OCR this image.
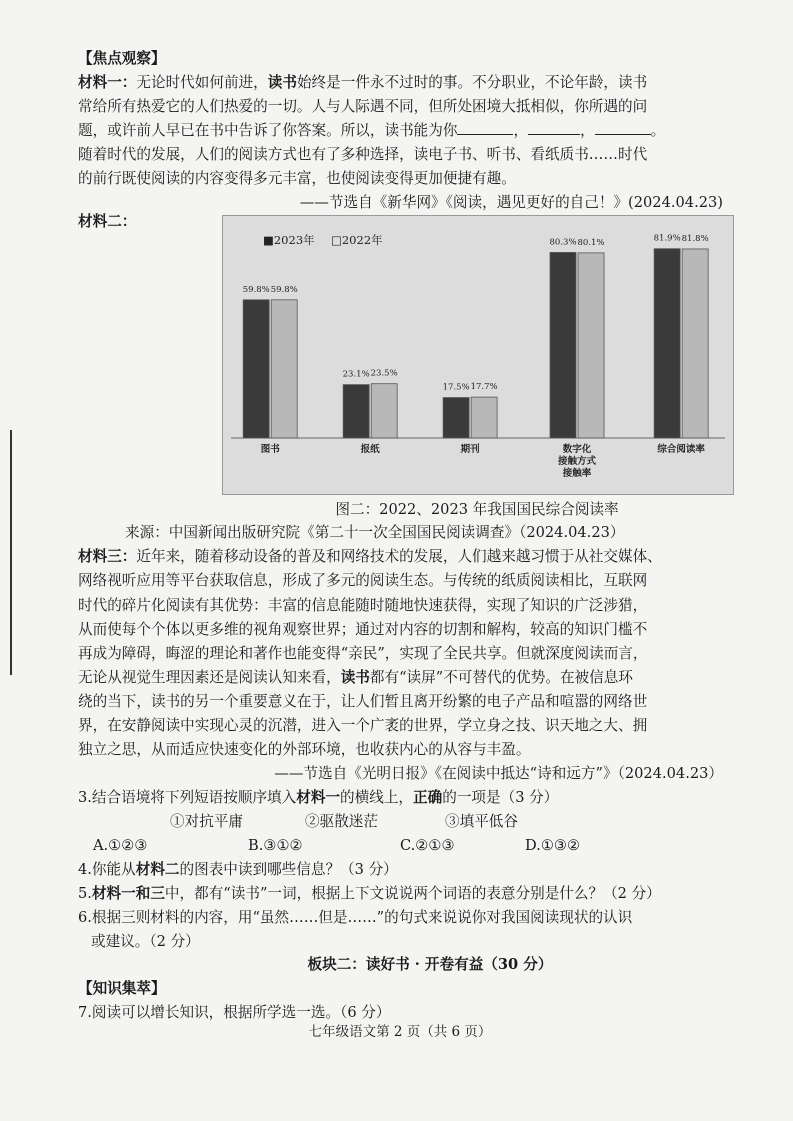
【焦点观察】
材料一：无论时代如何前进，读书始终是一件永不过时的事。不分职业，不论年龄，读书
常给所有热爱它的人们热爱的一切。人与人际遇不同，但所处困境大抵相似，你所遇的问
题，或许前人早已在书中告诉了你答案。所以，读书能为你	，	，	。
随着时代的发展，人们的阅读方式也有了多种选择，读电子书、听书、看纸质书……时代
的前行既使阅读的内容变得多元丰富，也使阅读变得更加便捷有趣。
——节选自《新华网》《阅读，遇见更好的自己！》(2024.04.23)
材料二：
■2023年 □2022年
59.8% 59.8%
图书
23.1% 23.5%
报纸
17.5% 17.7%
期刊
80.3% 80.1%
数字化
接触方式
接触率
81.9% 81.8%
综合阅读率
图二：2022、2023 年我国国民综合阅读率
来源：中国新闻出版研究院《第二十一次全国国民阅读调查》（2024.04.23）
材料三：近年来，随着移动设备的普及和网络技术的发展，人们越来越习惯于从社交媒体、
网络视听应用等平台获取信息，形成了多元的阅读生态。与传统的纸质阅读相比，互联网
时代的碎片化阅读有其优势：丰富的信息能随时随地快速获得，实现了知识的广泛涉猎，
从而使每个个体以更多维的视角观察世界；通过对内容的切割和解构，较高的知识门槛不
再成为障碍，晦涩的理论和著作也能变得“亲民”，实现了全民共享。但就深度阅读而言，
无论从视觉生理因素还是阅读认知来看，读书都有“读屏”不可替代的优势。在被信息环
绕的当下，读书的另一个重要意义在于，让人们暂且离开纷繁的电子产品和喧嚣的网络世
界，在安静阅读中实现心灵的沉潜，进入一个广袤的世界，学立身之技、识天地之大、拥
独立之思，从而适应快速变化的外部环境，也收获内心的从容与丰盈。
——节选自《光明日报》《在阅读中抵达“诗和远方”》（2024.04.23）
3.结合语境将下列短语按顺序填入材料一的横线上，正确的一项是（3 分）
①对抗平庸	②驱散迷茫	③填平低谷
A.①②③	B.③①②	C.②①③	D.①③②
4.你能从材料二的图表中读到哪些信息？（3 分）
5.材料一和三中，都有“读书”一词，根据上下文说说两个词语的表意分别是什么？（2 分）
6.根据三则材料的内容，用“虽然……但是……”的句式来说说你对我国阅读现状的认识
或建议。（2 分）
板块二：读好书 · 开卷有益（30 分）
【知识集萃】
7.阅读可以增长知识，根据所学选一选。（6 分）
七年级语文第 2 页（共 6 页）
